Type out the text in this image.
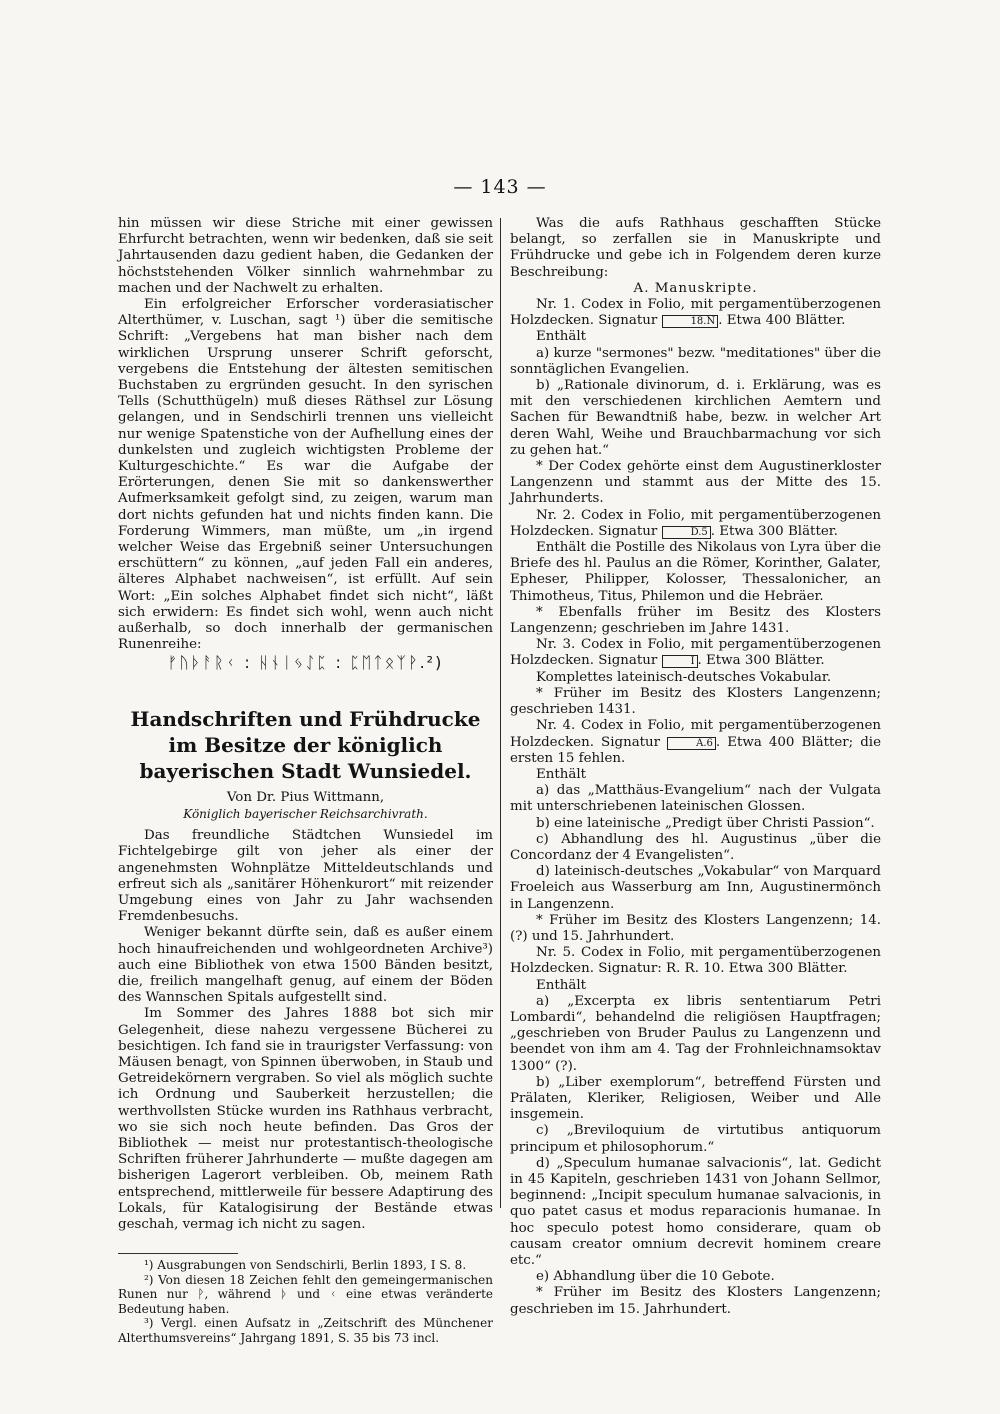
— 143 —

hin müssen wir diese Striche mit einer gewissen Ehrfurcht betrachten, wenn wir bedenken, daß sie seit Jahrtausenden dazu gedient haben, die Gedanken der höchststehenden Völker sinnlich wahrnehmbar zu machen und der Nachwelt zu erhalten.

Ein erfolgreicher Erforscher vorderasiatischer Alterthümer, v. Luschan, sagt ¹) über die semitische Schrift: „Vergebens hat man bisher nach dem wirklichen Ursprung unserer Schrift geforscht, vergebens die Entstehung der ältesten semitischen Buchstaben zu ergründen gesucht. In den syrischen Tells (Schutthügeln) muß dieses Räthsel zur Lösung gelangen, und in Sendschirli trennen uns vielleicht nur wenige Spatenstiche von der Aufhellung eines der dunkelsten und zugleich wichtigsten Probleme der Kulturgeschichte.“ Es war die Aufgabe der Erörterungen, denen Sie mit so dankenswerther Aufmerksamkeit gefolgt sind, zu zeigen, warum man dort nichts gefunden hat und nichts finden kann. Die Forderung Wimmers, man müßte, um „in irgend welcher Weise das Ergebniß seiner Untersuchungen erschüttern“ zu können, „auf jeden Fall ein anderes, älteres Alphabet nachweisen“, ist erfüllt. Auf sein Wort: „Ein solches Alphabet findet sich nicht“, läßt sich erwidern: Es findet sich wohl, wenn auch nicht außerhalb, so doch innerhalb der germanischen Runenreihe:

ᚠᚢᚦᚨᚱᚲ : ᚺᚾᛁᛃᛇᛈ : ᛈᛖᛏᛟᛉᚹ.²)
Handschriften und Frühdrucke im Besitze der königlich bayerischen Stadt Wunsiedel.
Von Dr. Pius Wittmann,
Königlich bayerischer Reichsarchivrath.

Das freundliche Städtchen Wunsiedel im Fichtelgebirge gilt von jeher als einer der angenehmsten Wohnplätze Mitteldeutschlands und erfreut sich als „sanitärer Höhenkurort“ mit reizender Umgebung eines von Jahr zu Jahr wachsenden Fremdenbesuchs.

Weniger bekannt dürfte sein, daß es außer einem hoch hinaufreichenden und wohlgeordneten Archive³) auch eine Bibliothek von etwa 1500 Bänden besitzt, die, freilich mangelhaft genug, auf einem der Böden des Wannschen Spitals aufgestellt sind.

Im Sommer des Jahres 1888 bot sich mir Gelegenheit, diese nahezu vergessene Bücherei zu besichtigen. Ich fand sie in traurigster Verfassung: von Mäusen benagt, von Spinnen überwoben, in Staub und Getreidekörnern vergraben. So viel als möglich suchte ich Ordnung und Sauberkeit herzustellen; die werthvollsten Stücke wurden ins Rathhaus verbracht, wo sie sich noch heute befinden. Das Gros der Bibliothek — meist nur protestantisch-theologische Schriften früherer Jahrhunderte — mußte dagegen am bisherigen Lagerort verbleiben. Ob, meinem Rath entsprechend, mittlerweile für bessere Adaptirung des Lokals, für Katalogisirung der Bestände etwas geschah, vermag ich nicht zu sagen.

¹) Ausgrabungen von Sendschirli, Berlin 1893, I S. 8.

²) Von diesen 18 Zeichen fehlt den gemeingermanischen Runen nur ᚹ, während ᚦ und ᚲ eine etwas veränderte Bedeutung haben.

³) Vergl. einen Aufsatz in „Zeitschrift des Münchener Alterthumsvereins“ Jahrgang 1891, S. 35 bis 73 incl.

Was die aufs Rathhaus geschafften Stücke belangt, so zerfallen sie in Manuskripte und Frühdrucke und gebe ich in Folgendem deren kurze Beschreibung:

A. Manuskripte.

Nr. 1. Codex in Folio, mit pergamentüberzogenen Holzdecken. Signatur	18.N . Etwa 400 Blätter.

Enthält

a) kurze "sermones" bezw. "meditationes" über die sonntäglichen Evangelien.

b) „Rationale divinorum, d. i. Erklärung, was es mit den verschiedenen kirchlichen Aemtern und Sachen für Bewandtniß habe, bezw. in welcher Art deren Wahl, Weihe und Brauchbarmachung vor sich zu gehen hat.“

* Der Codex gehörte einst dem Augustinerkloster Langenzenn und stammt aus der Mitte des 15. Jahrhunderts.

Nr. 2. Codex in Folio, mit pergamentüberzogenen Holzdecken. Signatur	D.5 . Etwa 300 Blätter.

Enthält die Postille des Nikolaus von Lyra über die Briefe des hl. Paulus an die Römer, Korinther, Galater, Epheser, Philipper, Kolosser, Thessalonicher, an Thimotheus, Titus, Philemon und die Hebräer.

* Ebenfalls früher im Besitz des Klosters Langenzenn; geschrieben im Jahre 1431.

Nr. 3. Codex in Folio, mit pergamentüberzogenen Holzdecken. Signatur	I . Etwa 300 Blätter.

Komplettes lateinisch-deutsches Vokabular.

* Früher im Besitz des Klosters Langenzenn; geschrieben 1431.

Nr. 4. Codex in Folio, mit pergamentüberzogenen Holzdecken. Signatur	A.6 . Etwa 400 Blätter; die ersten 15 fehlen.

Enthält

a) das „Matthäus-Evangelium“ nach der Vulgata mit unterschriebenen lateinischen Glossen.

b) eine lateinische „Predigt über Christi Passion“.

c) Abhandlung des hl. Augustinus „über die Concordanz der 4 Evangelisten“.

d) lateinisch-deutsches „Vokabular“ von Marquard Froeleich aus Wasserburg am Inn, Augustinermönch in Langenzenn.

* Früher im Besitz des Klosters Langenzenn; 14. (?) und 15. Jahrhundert.

Nr. 5. Codex in Folio, mit pergamentüberzogenen Holzdecken. Signatur: R. R. 10. Etwa 300 Blätter.

Enthält

a) „Excerpta ex libris sententiarum Petri Lombardi“, behandelnd die religiösen Hauptfragen; „geschrieben von Bruder Paulus zu Langenzenn und beendet von ihm am 4. Tag der Frohnleichnamsoktav 1300“ (?).

b) „Liber exemplorum“, betreffend Fürsten und Prälaten, Kleriker, Religiosen, Weiber und Alle insgemein.

c) „Breviloquium de virtutibus antiquorum principum et philosophorum.“

d) „Speculum humanae salvacionis“, lat. Gedicht in 45 Kapiteln, geschrieben 1431 von Johann Sellmor, beginnend: „Incipit speculum humanae salvacionis, in quo patet casus et modus reparacionis humanae. In hoc speculo potest homo considerare, quam ob causam creator omnium decrevit hominem creare etc.“

e) Abhandlung über die 10 Gebote.

* Früher im Besitz des Klosters Langenzenn; geschrieben im 15. Jahrhundert.
